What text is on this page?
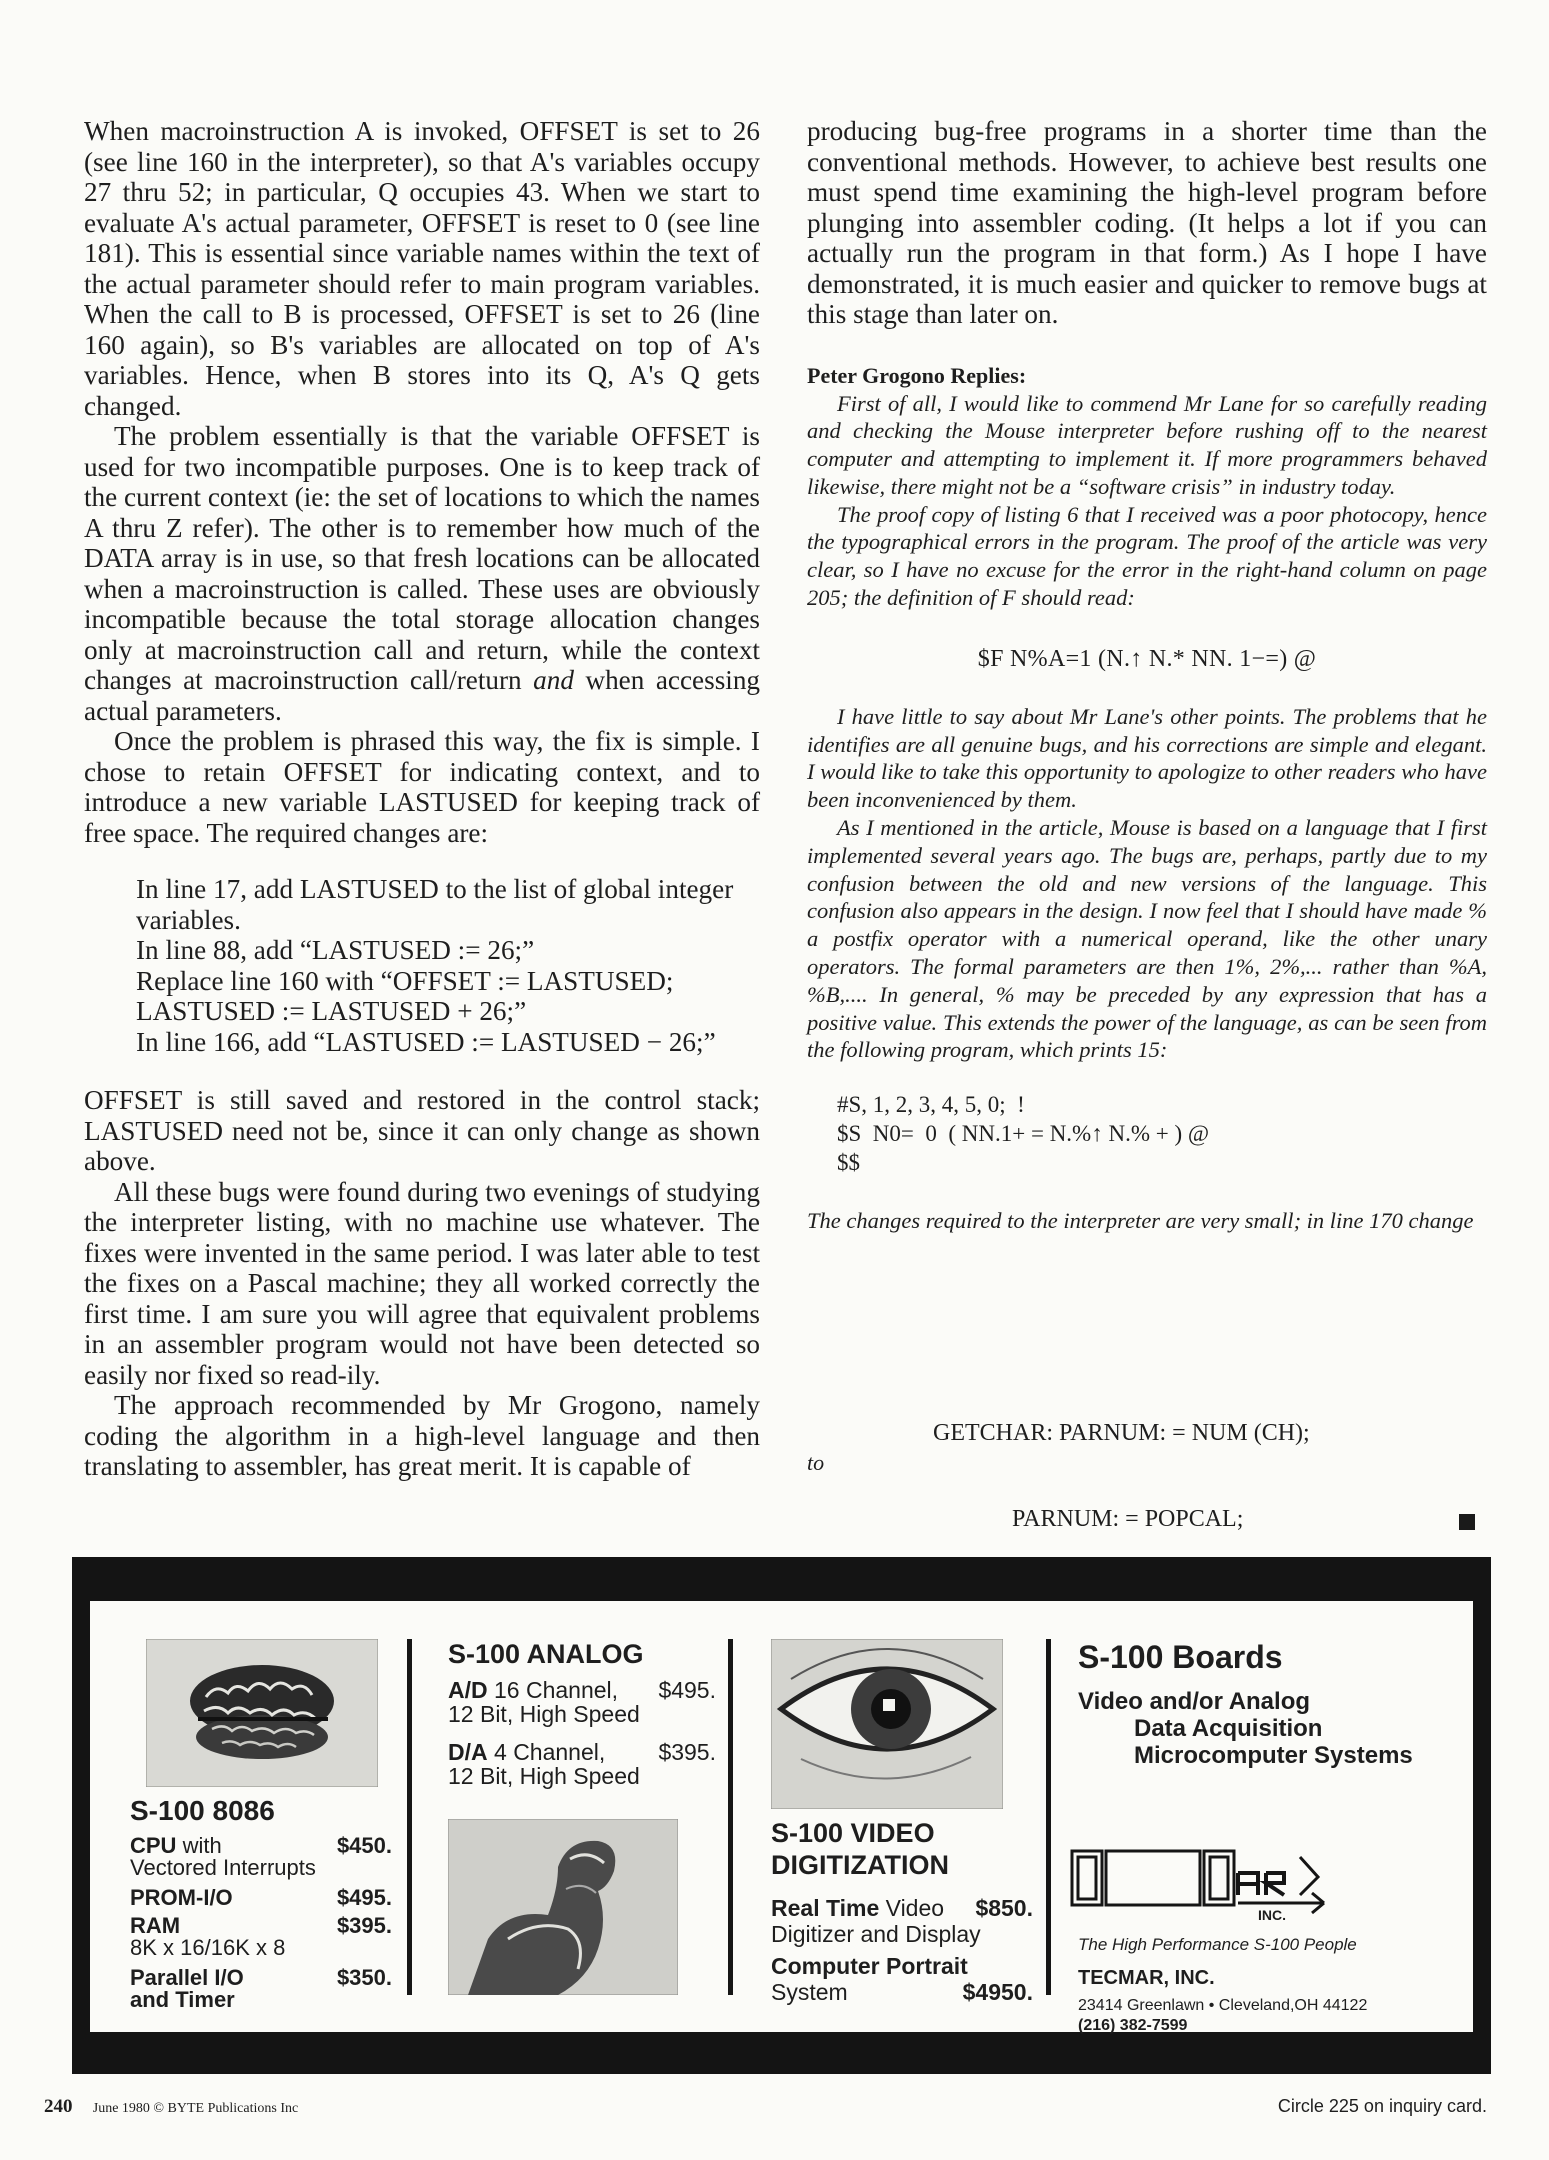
When macroinstruction A is invoked, OFFSET is set to 26 (see line 160 in the interpreter), so that A's variables occupy 27 thru 52; in particular, Q occupies 43. When we start to evaluate A's actual parameter, OFFSET is reset to 0 (see line 181). This is essential since variable names within the text of the actual parameter should refer to main program variables. When the call to B is processed, OFFSET is set to 26 (line 160 again), so B's variables are allocated on top of A's variables. Hence, when B stores into its Q, A's Q gets changed.

The problem essentially is that the variable OFFSET is used for two incompatible purposes. One is to keep track of the current context (ie: the set of locations to which the names A thru Z refer). The other is to remember how much of the DATA array is in use, so that fresh locations can be allocated when a macroinstruction is called. These uses are obviously incompatible because the total storage allocation changes only at macroinstruction call and return, while the context changes at macroinstruction call/return and when accessing actual parameters.

Once the problem is phrased this way, the fix is simple. I chose to retain OFFSET for indicating context, and to introduce a new variable LASTUSED for keeping track of free space. The required changes are:

In line 17, add LASTUSED to the list of global integer variables.
In line 88, add “LASTUSED := 26;”
Replace line 160 with “OFFSET := LASTUSED; LASTUSED := LASTUSED + 26;”
In line 166, add “LASTUSED := LASTUSED − 26;”

OFFSET is still saved and restored in the control stack; LASTUSED need not be, since it can only change as shown above.

All these bugs were found during two evenings of studying the interpreter listing, with no machine use whatever. The fixes were invented in the same period. I was later able to test the fixes on a Pascal machine; they all worked correctly the first time. I am sure you will agree that equivalent problems in an assembler program would not have been detected so easily nor fixed so read-ily.

The approach recommended by Mr Grogono, namely coding the algorithm in a high-level language and then translating to assembler, has great merit. It is capable of

producing bug-free programs in a shorter time than the conventional methods. However, to achieve best results one must spend time examining the high-level program before plunging into assembler coding. (It helps a lot if you can actually run the program in that form.) As I hope I have demonstrated, it is much easier and quicker to remove bugs at this stage than later on.

Peter Grogono Replies:

First of all, I would like to commend Mr Lane for so carefully reading and checking the Mouse interpreter before rushing off to the nearest computer and attempting to implement it. If more programmers behaved likewise, there might not be a “software crisis” in industry today.

The proof copy of listing 6 that I received was a poor photocopy, hence the typographical errors in the program. The proof of the article was very clear, so I have no excuse for the error in the right-hand column on page 205; the definition of F should read:

$F N%A=1 (N.↑ N.* NN. 1−=) @

I have little to say about Mr Lane's other points. The problems that he identifies are all genuine bugs, and his corrections are simple and elegant. I would like to take this opportunity to apologize to other readers who have been inconvenienced by them.

As I mentioned in the article, Mouse is based on a language that I first implemented several years ago. The bugs are, perhaps, partly due to my confusion between the old and new versions of the language. This confusion also appears in the design. I now feel that I should have made % a postfix operator with a numerical operand, like the other unary operators. The formal parameters are then 1%, 2%,... rather than %A, %B,.... In general, % may be preceded by any expression that has a positive value. This extends the power of the language, as can be seen from the following program, which prints 15:

#S, 1, 2, 3, 4, 5, 0;  !
$S  N0=  0  ( NN.1+ = N.%↑ N.% + ) @
$$

The changes required to the interpreter are very small; in line 170 change

GETCHAR: PARNUM: = NUM (CH);
to
PARNUM: = POPCAL;
S-100 8086
CPU with	$450.
Vectored Interrupts
PROM-I/O	$495.
RAM	$395.
8K x 16/16K x 8
Parallel I/O	$350.
and Timer
S-100 ANALOG
A/D 16 Channel, $495.
12 Bit, High Speed
D/A 4 Channel, $395.
12 Bit, High Speed
S-100 VIDEO
DIGITIZATION
Real Time Video $850.
Digitizer and Display
Computer Portrait
System	$4950.
S-100 Boards
Video and/or Analog
Data Acquisition
Microcomputer Systems
INC.
The High Performance S-100 People
TECMAR, INC.
23414 Greenlawn • Cleveland,OH 44122
(216) 382-7599
240 June 1980 © BYTE Publications Inc	Circle 225 on inquiry card.
